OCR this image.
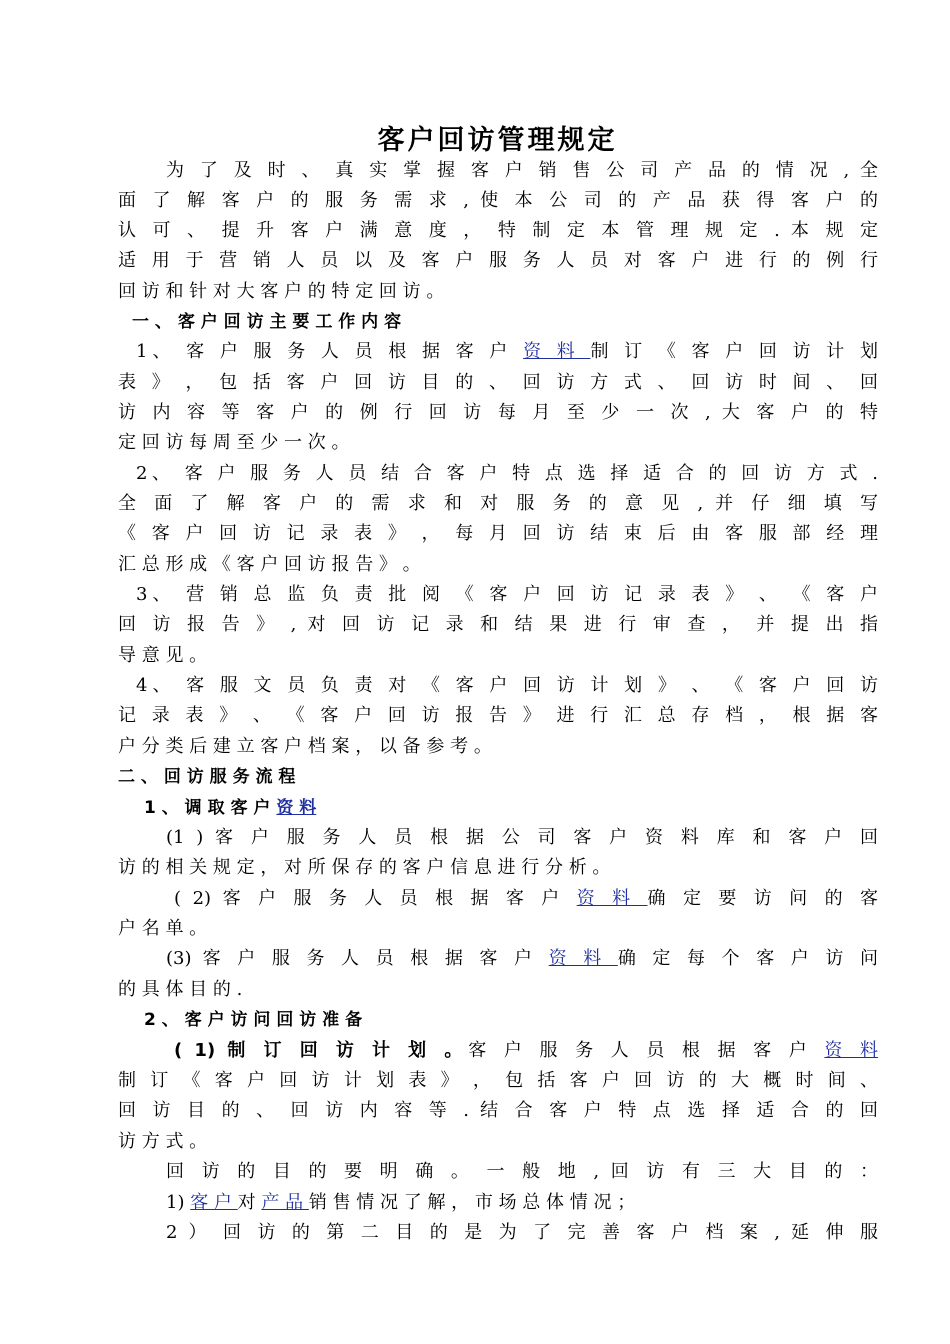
客户回访管理规定
为 了 及 时 、 真 实 掌 握 客 户 销 售 公 司 产 品 的 情 况 , 全
面 了 解 客 户 的 服 务 需 求 , 使 本 公 司 的 产 品 获 得 客 户 的
认 可 、 提 升 客 户 满 意 度 ， 特 制 定 本 管 理 规 定 . 本 规 定
适 用 于 营 销 人 员 以 及 客 户 服 务 人 员 对 客 户 进 行 的 例 行
回 访 和 针 对 大 客 户 的 特 定 回 访 。
一 、 客 户 回 访 主 要 工 作 内 容
1、 客 户 服 务 人 员 根 据 客 户 资 料 制 订 《 客 户 回 访 计 划
表 》 ， 包 括 客 户 回 访 目 的 、 回 访 方 式 、 回 访 时 间 、 回
访 内 容 等 客 户 的 例 行 回 访 每 月 至 少 一 次 , 大 客 户 的 特
定 回 访 每 周 至 少 一 次 。
2、 客 户 服 务 人 员 结 合 客 户 特 点 选 择 适 合 的 回 访 方 式 .
全 面 了 解 客 户 的 需 求 和 对 服 务 的 意 见 , 并 仔 细 填 写
《 客 户 回 访 记 录 表 》 ， 每 月 回 访 结 束 后 由 客 服 部 经 理
汇 总 形 成 《 客 户 回 访 报 告 》 。
3、 营 销 总 监 负 责 批 阅 《 客 户 回 访 记 录 表 》 、 《 客 户
回 访 报 告 》 , 对 回 访 记 录 和 结 果 进 行 审 查 ， 并 提 出 指
导 意 见 。
4、 客 服 文 员 负 责 对 《 客 户 回 访 计 划 》 、 《 客 户 回 访
记 录 表 》 、 《 客 户 回 访 报 告 》 进 行 汇 总 存 档 ， 根 据 客
户 分 类 后 建 立 客 户 档 案 ， 以 备 参 考 。
二 、 回 访 服 务 流 程
1 、 调 取 客 户 资 料
(1 ) 客 户 服 务 人 员 根 据 公 司 客 户 资 料 库 和 客 户 回
访 的 相 关 规 定 ， 对 所 保 存 的 客 户 信 息 进 行 分 析 。
( 2) 客 户 服 务 人 员 根 据 客 户 资 料 确 定 要 访 问 的 客
户 名 单 。
(3) 客 户 服 务 人 员 根 据 客 户 资 料 确 定 每 个 客 户 访 问
的 具 体 目 的 .
2 、 客 户 访 问 回 访 准 备
( 1) 制 订 回 访 计 划 。客 户 服 务 人 员 根 据 客 户 资 料
制 订 《 客 户 回 访 计 划 表 》 ， 包 括 客 户 回 访 的 大 概 时 间 、
回 访 目 的 、 回 访 内 容 等 . 结 合 客 户 特 点 选 择 适 合 的 回
访 方 式 。
回 访 的 目 的 要 明 确 。 一 般 地 , 回 访 有 三 大 目 的 ：
1) 客 户 对 产 品 销 售 情 况 了 解 ， 市 场 总 体 情 况 ；
2 ） 回 访 的 第 二 目 的 是 为 了 完 善 客 户 档 案 , 延 伸 服
